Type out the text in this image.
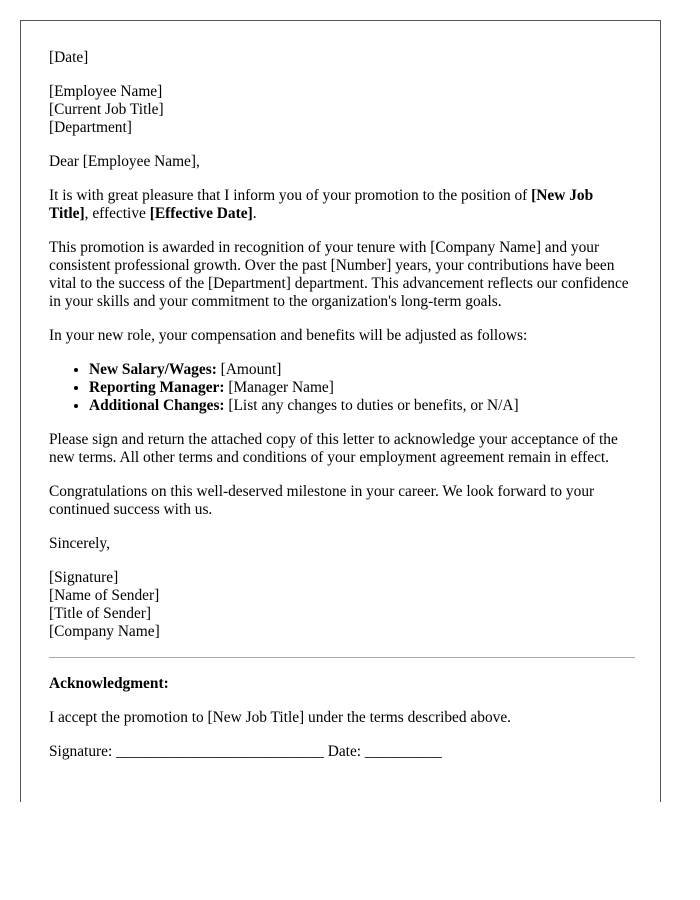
[Date]

[Employee Name]
[Current Job Title]
[Department]

Dear [Employee Name],

It is with great pleasure that I inform you of your promotion to the position of [New Job Title], effective [Effective Date].

This promotion is awarded in recognition of your tenure with [Company Name] and your consistent professional growth. Over the past [Number] years, your contributions have been vital to the success of the [Department] department. This advancement reflects our confidence in your skills and your commitment to the organization's long-term goals.

In your new role, your compensation and benefits will be adjusted as follows:

• New Salary/Wages: [Amount]
• Reporting Manager: [Manager Name]
• Additional Changes: [List any changes to duties or benefits, or N/A]

Please sign and return the attached copy of this letter to acknowledge your acceptance of the new terms. All other terms and conditions of your employment agreement remain in effect.

Congratulations on this well-deserved milestone in your career. We look forward to your continued success with us.

Sincerely,

[Signature]
[Name of Sender]
[Title of Sender]
[Company Name]

Acknowledgment:

I accept the promotion to [New Job Title] under the terms described above.

Signature: ___________________________ Date: __________
